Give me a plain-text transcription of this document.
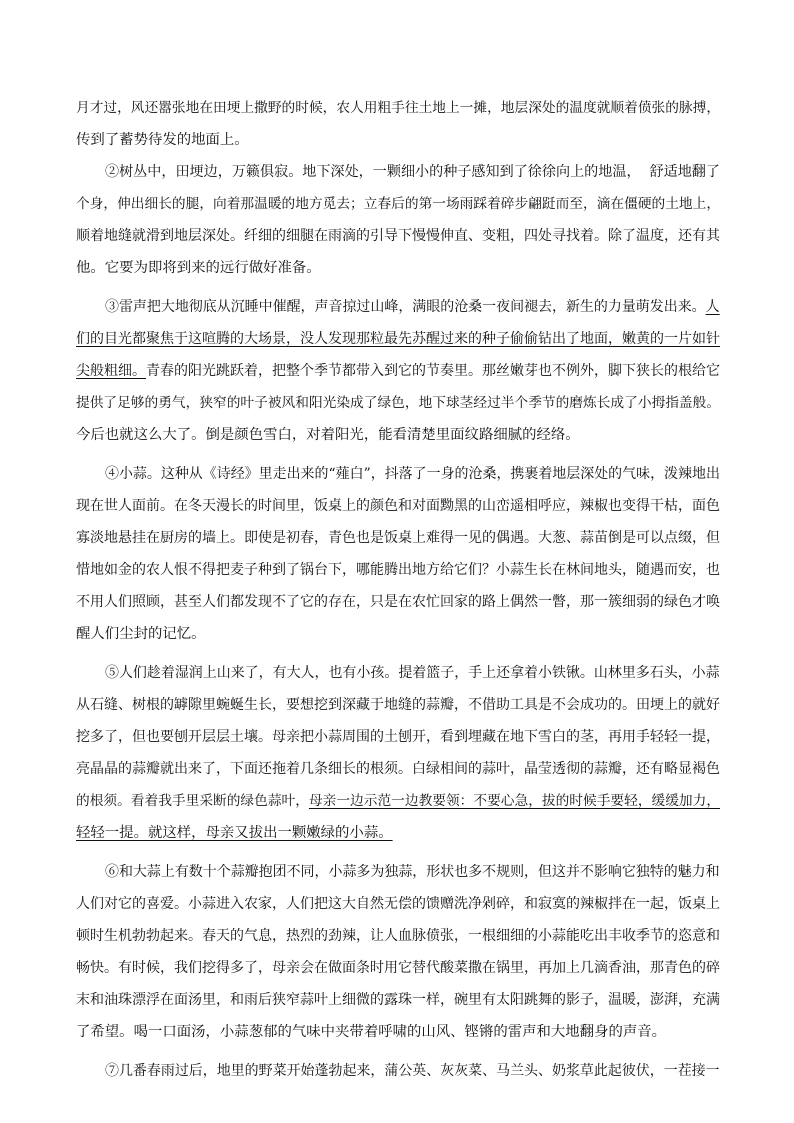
月才过，风还嚣张地在田埂上撒野的时候，农人用粗手往土地上一摊，地层深处的温度就顺着偾张的脉搏，
传到了蓄势待发的地面上。
②树丛中，田埂边，万籁俱寂。地下深处，一颗细小的种子感知到了徐徐向上的地温，  舒适地翻了
个身，伸出细长的腿，向着那温暖的地方觅去；立春后的第一场雨踩着碎步翩跹而至，滴在僵硬的土地上，
顺着地缝就滑到地层深处。纤细的细腿在雨滴的引导下慢慢伸直、变粗，四处寻找着。除了温度，还有其
他。它要为即将到来的远行做好准备。
③雷声把大地彻底从沉睡中催醒，声音掠过山峰，满眼的沧桑一夜间褪去，新生的力量萌发出来。人
们的目光都聚焦于这喧腾的大场景，没人发现那粒最先苏醒过来的种子偷偷钻出了地面，嫩黄的一片如针
尖般粗细。青春的阳光跳跃着，把整个季节都带入到它的节奏里。那丝嫩芽也不例外，脚下狭长的根给它
提供了足够的勇气，狭窄的叶子被风和阳光染成了绿色，地下球茎经过半个季节的磨炼长成了小拇指盖般。
今后也就这么大了。倒是颜色雪白，对着阳光，能看清楚里面纹路细腻的经络。
④小蒜。这种从《诗经》里走出来的“薤白”，抖落了一身的沧桑，携裹着地层深处的气味，泼辣地出
现在世人面前。在冬天漫长的时间里，饭桌上的颜色和对面黝黑的山峦遥相呼应，辣椒也变得干枯，面色
寡淡地悬挂在厨房的墙上。即使是初春，青色也是饭桌上难得一见的偶遇。大葱、蒜苗倒是可以点缀，但
惜地如金的农人恨不得把麦子种到了锅台下，哪能腾出地方给它们？小蒜生长在林间地头，随遇而安，也
不用人们照顾，甚至人们都发现不了它的存在，只是在农忙回家的路上偶然一瞥，那一簇细弱的绿色才唤
醒人们尘封的记忆。
⑤人们趁着湿润上山来了，有大人，也有小孩。提着篮子，手上还拿着小铁锹。山林里多石头，小蒜
从石缝、树根的罅隙里蜿蜒生长，要想挖到深藏于地缝的蒜瓣，不借助工具是不会成功的。田埂上的就好
挖多了，但也要刨开层层土壤。母亲把小蒜周围的土刨开，看到埋藏在地下雪白的茎，再用手轻轻一提，
亮晶晶的蒜瓣就出来了，下面还拖着几条细长的根须。白绿相间的蒜叶，晶莹透彻的蒜瓣，还有略显褐色
的根须。看着我手里采断的绿色蒜叶，母亲一边示范一边教要领：不要心急，拔的时候手要轻，缓缓加力，
轻轻一提。就这样，母亲又拔出一颗嫩绿的小蒜。
⑥和大蒜上有数十个蒜瓣抱团不同，小蒜多为独蒜，形状也多不规则，但这并不影响它独特的魅力和
人们对它的喜爱。小蒜进入农家，人们把这大自然无偿的馈赠洗净剁碎，和寂寞的辣椒拌在一起，饭桌上
顿时生机勃勃起来。春天的气息，热烈的劲辣，让人血脉偾张，一根细细的小蒜能吃出丰收季节的恣意和
畅快。有时候，我们挖得多了，母亲会在做面条时用它替代酸菜撒在锅里，再加上几滴香油，那青色的碎
末和油珠漂浮在面汤里，和雨后狭窄蒜叶上细微的露珠一样，碗里有太阳跳舞的影子，温暖，澎湃，充满
了希望。喝一口面汤，小蒜葱郁的气味中夹带着呼啸的山风、铿锵的雷声和大地翻身的声音。
⑦几番春雨过后，地里的野菜开始蓬勃起来，蒲公英、灰灰菜、马兰头、奶浆草此起彼伏，一茬接一
